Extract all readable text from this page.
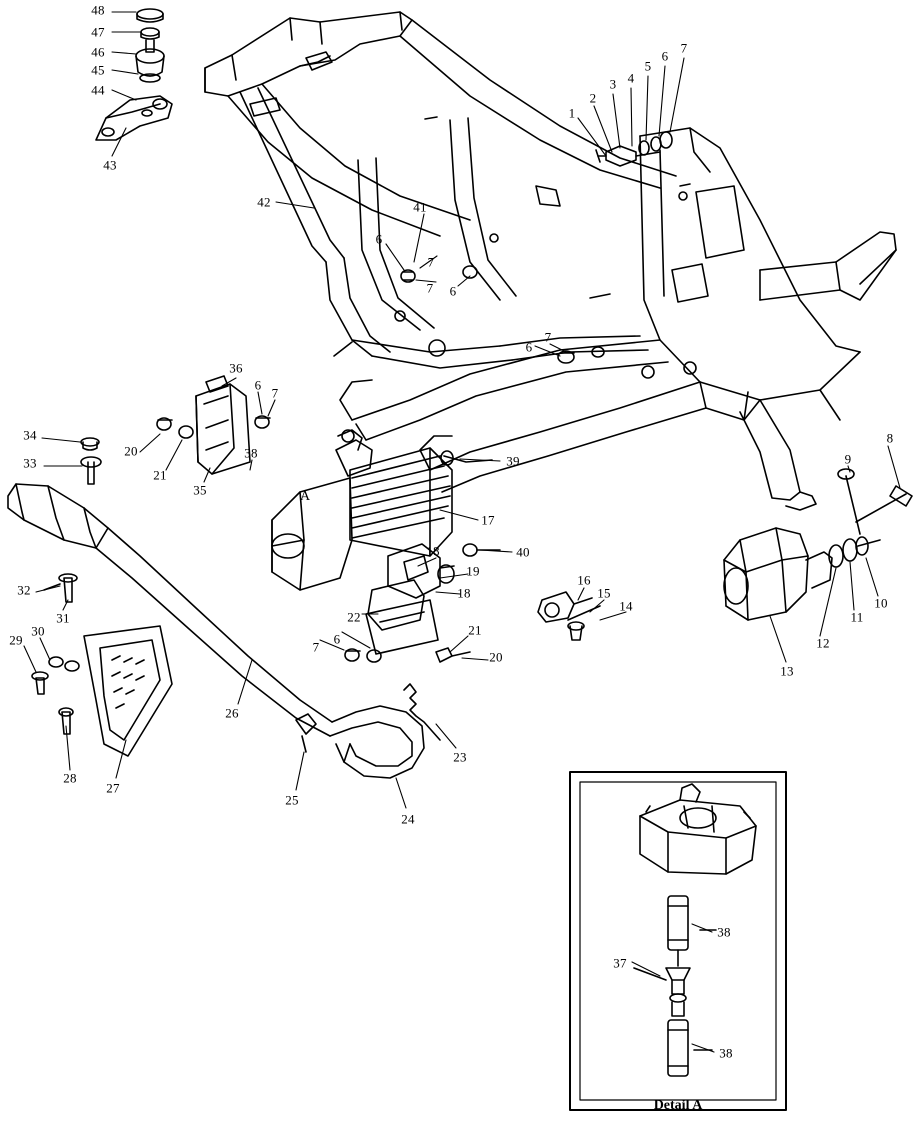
48
47
46
45
44
43
7
6
5
4
3
2
1
42	41
6
7
7 6
7
6
36
6
7
34
33
20
21
35
38
39
17
40
18
19
18
16
15
14
8
9
10
11
12
13
32
31
30
29
28
27
26
7
6
22
21
20
23
24
25
38
37
38
A
Detail A
